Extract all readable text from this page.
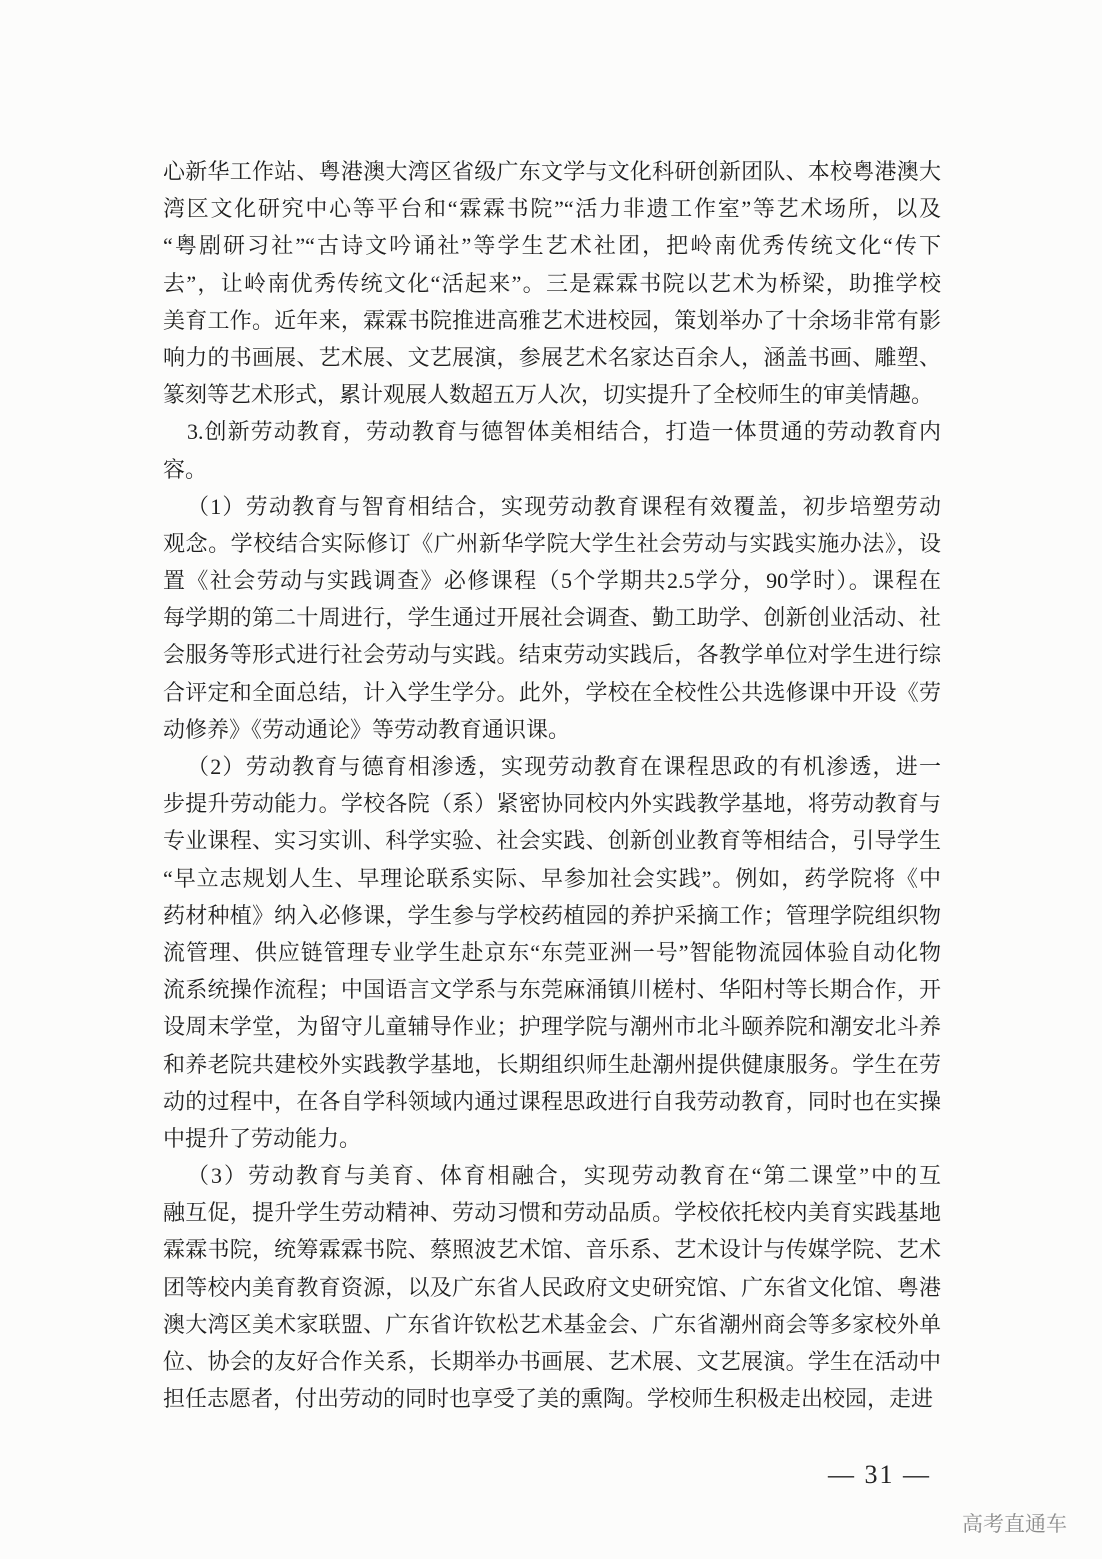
心新华工作站、粤港澳大湾区省级广东文学与文化科研创新团队、本校粤港澳大
湾区文化研究中心等平台和“霖霖书院”“活力非遗工作室”等艺术场所，以及
“粤剧研习社”“古诗文吟诵社”等学生艺术社团，把岭南优秀传统文化“传下
去”，让岭南优秀传统文化“活起来”。三是霖霖书院以艺术为桥梁，助推学校
美育工作。近年来，霖霖书院推进高雅艺术进校园，策划举办了十余场非常有影
响力的书画展、艺术展、文艺展演，参展艺术名家达百余人，涵盖书画、雕塑、
篆刻等艺术形式，累计观展人数超五万人次，切实提升了全校师生的审美情趣。
3.创新劳动教育，劳动教育与德智体美相结合，打造一体贯通的劳动教育内
容。
（1）劳动教育与智育相结合，实现劳动教育课程有效覆盖，初步培塑劳动
观念。学校结合实际修订《广州新华学院大学生社会劳动与实践实施办法》，设
置《社会劳动与实践调查》必修课程（5个学期共2.5学分，90学时）。课程在
每学期的第二十周进行，学生通过开展社会调查、勤工助学、创新创业活动、社
会服务等形式进行社会劳动与实践。结束劳动实践后，各教学单位对学生进行综
合评定和全面总结，计入学生学分。此外，学校在全校性公共选修课中开设《劳
动修养》《劳动通论》等劳动教育通识课。
（2）劳动教育与德育相渗透，实现劳动教育在课程思政的有机渗透，进一
步提升劳动能力。学校各院（系）紧密协同校内外实践教学基地，将劳动教育与
专业课程、实习实训、科学实验、社会实践、创新创业教育等相结合，引导学生
“早立志规划人生、早理论联系实际、早参加社会实践”。例如，药学院将《中
药材种植》纳入必修课，学生参与学校药植园的养护采摘工作；管理学院组织物
流管理、供应链管理专业学生赴京东“东莞亚洲一号”智能物流园体验自动化物
流系统操作流程；中国语言文学系与东莞麻涌镇川槎村、华阳村等长期合作，开
设周末学堂，为留守儿童辅导作业；护理学院与潮州市北斗颐养院和潮安北斗养
和养老院共建校外实践教学基地，长期组织师生赴潮州提供健康服务。学生在劳
动的过程中，在各自学科领域内通过课程思政进行自我劳动教育，同时也在实操
中提升了劳动能力。
（3）劳动教育与美育、体育相融合，实现劳动教育在“第二课堂”中的互
融互促，提升学生劳动精神、劳动习惯和劳动品质。学校依托校内美育实践基地
霖霖书院，统筹霖霖书院、蔡照波艺术馆、音乐系、艺术设计与传媒学院、艺术
团等校内美育教育资源，以及广东省人民政府文史研究馆、广东省文化馆、粤港
澳大湾区美术家联盟、广东省许钦松艺术基金会、广东省潮州商会等多家校外单
位、协会的友好合作关系，长期举办书画展、艺术展、文艺展演。学生在活动中
担任志愿者，付出劳动的同时也享受了美的熏陶。学校师生积极走出校园，走进
— 31 —
高考直通车
